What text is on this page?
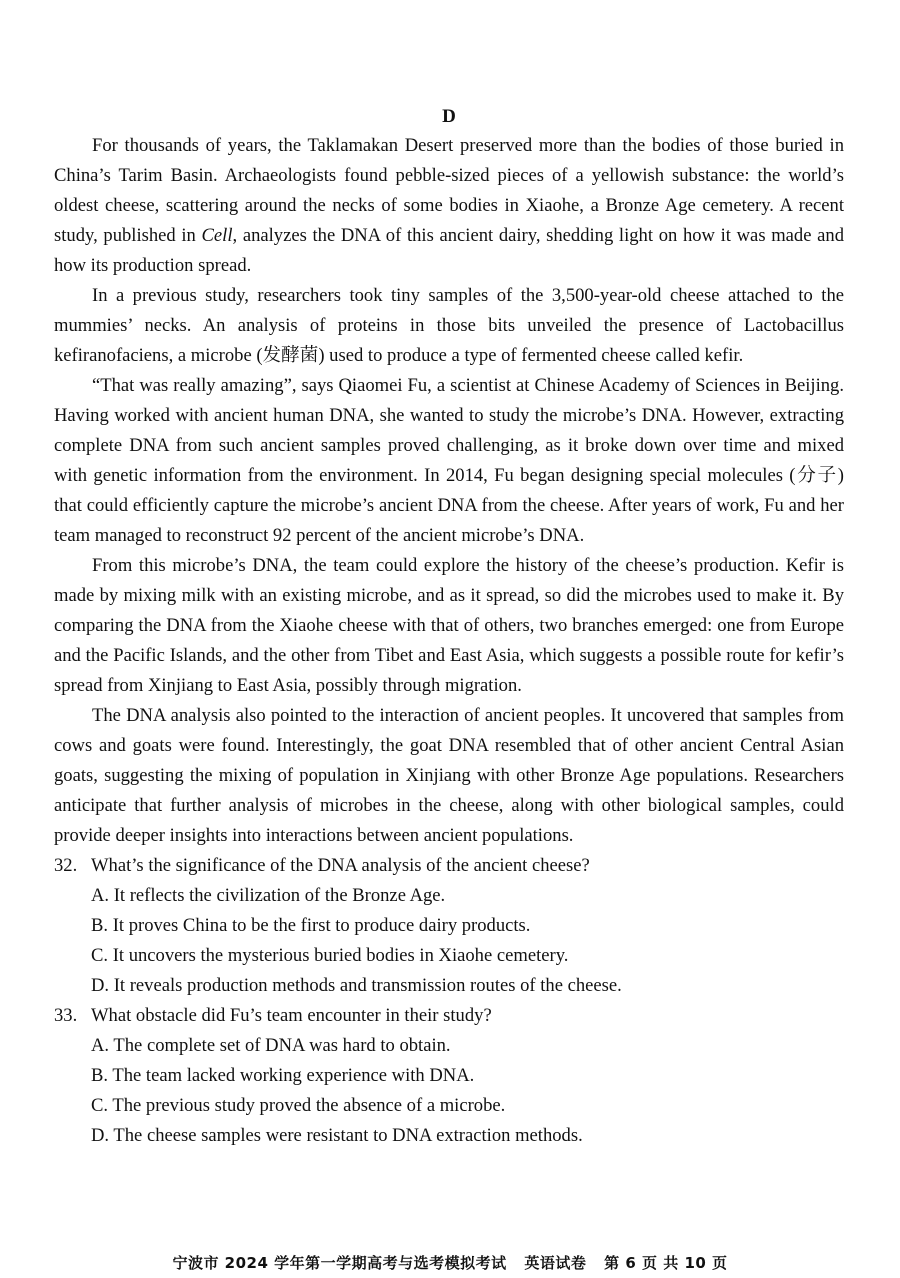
D

For thousands of years, the Taklamakan Desert preserved more than the bodies of those buried in China’s Tarim Basin. Archaeologists found pebble-sized pieces of a yellowish substance: the world’s oldest cheese, scattering around the necks of some bodies in Xiaohe, a Bronze Age cemetery. A recent study, published in Cell, analyzes the DNA of this ancient dairy, shedding light on how it was made and how its production spread.

In a previous study, researchers took tiny samples of the 3,500-year-old cheese attached to the mummies’ necks. An analysis of proteins in those bits unveiled the presence of Lactobacillus kefiranofaciens, a microbe (发酵菌) used to produce a type of fermented cheese called kefir.

“That was really amazing”, says Qiaomei Fu, a scientist at Chinese Academy of Sciences in Beijing. Having worked with ancient human DNA, she wanted to study the microbe’s DNA. However, extracting complete DNA from such ancient samples proved challenging, as it broke down over time and mixed with genetic information from the environment. In 2014, Fu began designing special molecules (分子) that could efficiently capture the microbe’s ancient DNA from the cheese. After years of work, Fu and her team managed to reconstruct 92 percent of the ancient microbe’s DNA.

From this microbe’s DNA, the team could explore the history of the cheese’s production. Kefir is made by mixing milk with an existing microbe, and as it spread, so did the microbes used to make it. By comparing the DNA from the Xiaohe cheese with that of others, two branches emerged: one from Europe and the Pacific Islands, and the other from Tibet and East Asia, which suggests a possible route for kefir’s spread from Xinjiang to East Asia, possibly through migration.

The DNA analysis also pointed to the interaction of ancient peoples. It uncovered that samples from cows and goats were found. Interestingly, the goat DNA resembled that of other ancient Central Asian goats, suggesting the mixing of population in Xinjiang with other Bronze Age populations. Researchers anticipate that further analysis of microbes in the cheese, along with other biological samples, could provide deeper insights into interactions between ancient populations.

32. What’s the significance of the DNA analysis of the ancient cheese?
A. It reflects the civilization of the Bronze Age.
B. It proves China to be the first to produce dairy products.
C. It uncovers the mysterious buried bodies in Xiaohe cemetery.
D. It reveals production methods and transmission routes of the cheese.
33. What obstacle did Fu’s team encounter in their study?
A. The complete set of DNA was hard to obtain.
B. The team lacked working experience with DNA.
C. The previous study proved the absence of a microbe.
D. The cheese samples were resistant to DNA extraction methods.
宁波市 2024 学年第一学期高考与选考模拟考试 英语试卷 第 6 页 共 10 页
